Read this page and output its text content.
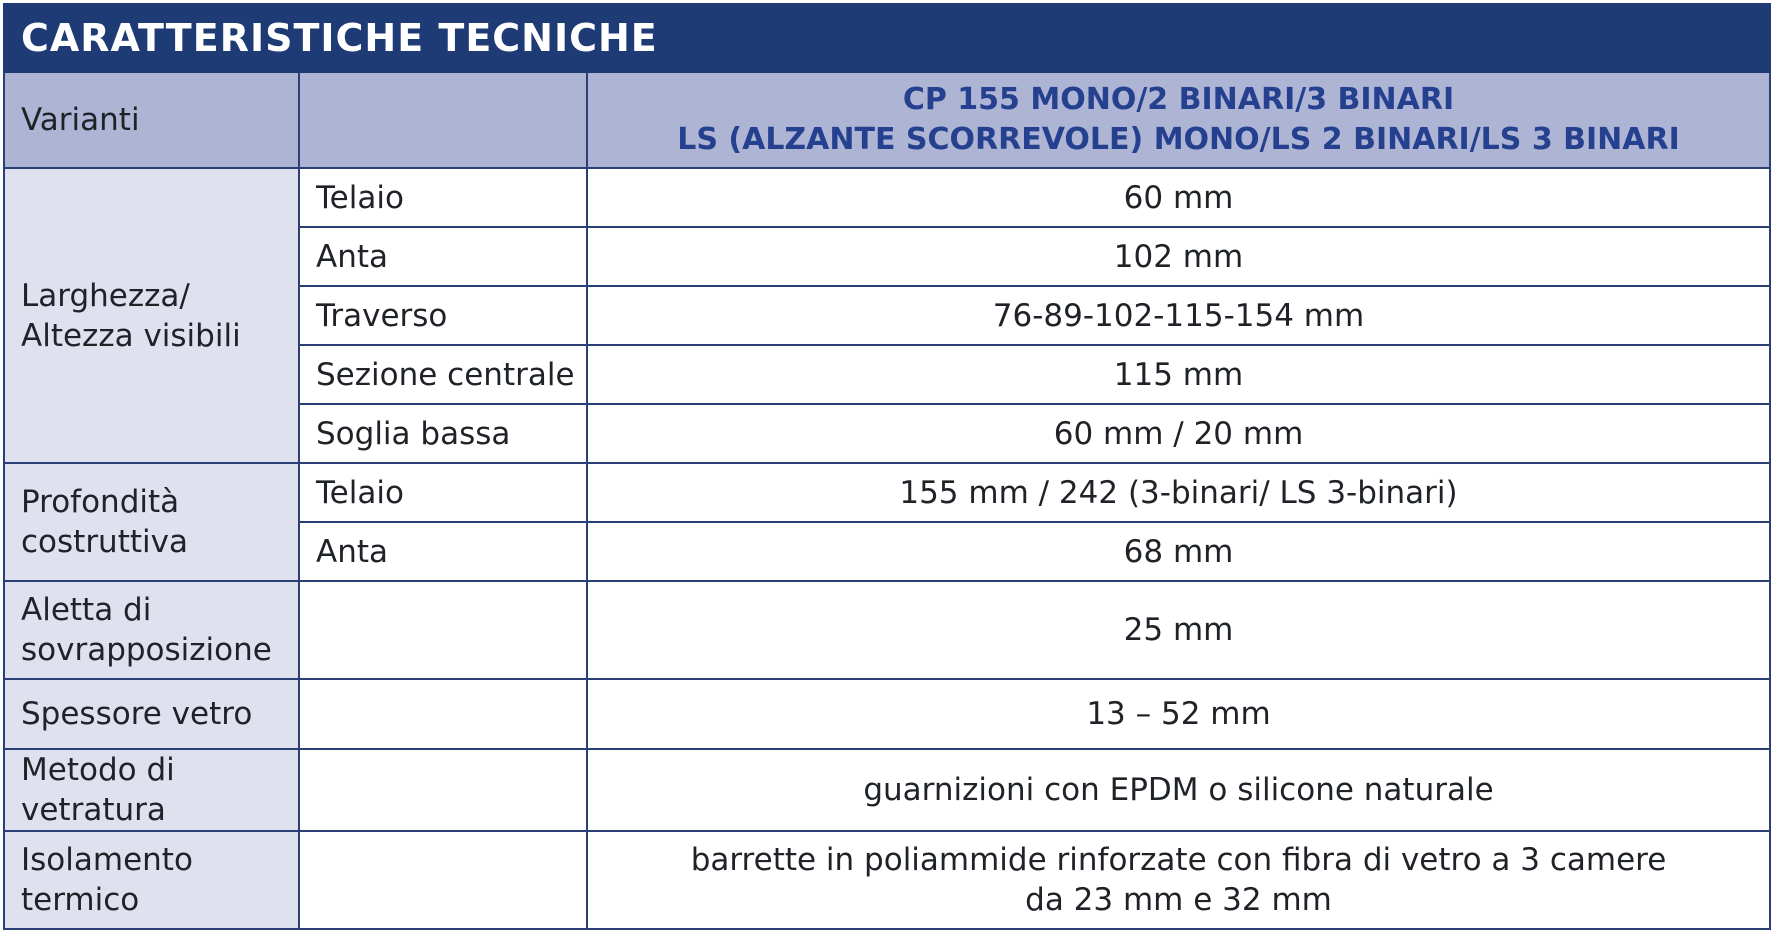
CARATTERISTICHE TECNICHE		
Varianti		CP 155 MONO/2 BINARI/3 BINARI
LS (ALZANTE SCORREVOLE) MONO/LS 2 BINARI/LS 3 BINARI

Larghezza/
Altezza visibili	Telaio	60 mm
	Anta	102 mm
	Traverso	76-89-102-115-154 mm
	Sezione centrale	115 mm
	Soglia bassa	60 mm / 20 mm

Profondità
costruttiva	Telaio	155 mm / 242 (3-binari/ LS 3-binari)
	Anta	68 mm

Aletta di
sovrapposizione		25 mm
Spessore vetro		13 – 52 mm
Metodo di vetratura		guarnizioni con EPDM o silicone naturale
Isolamento termico		barrette in poliammide rinforzate con fibra di vetro a 3 camere
da 23 mm e 32 mm
